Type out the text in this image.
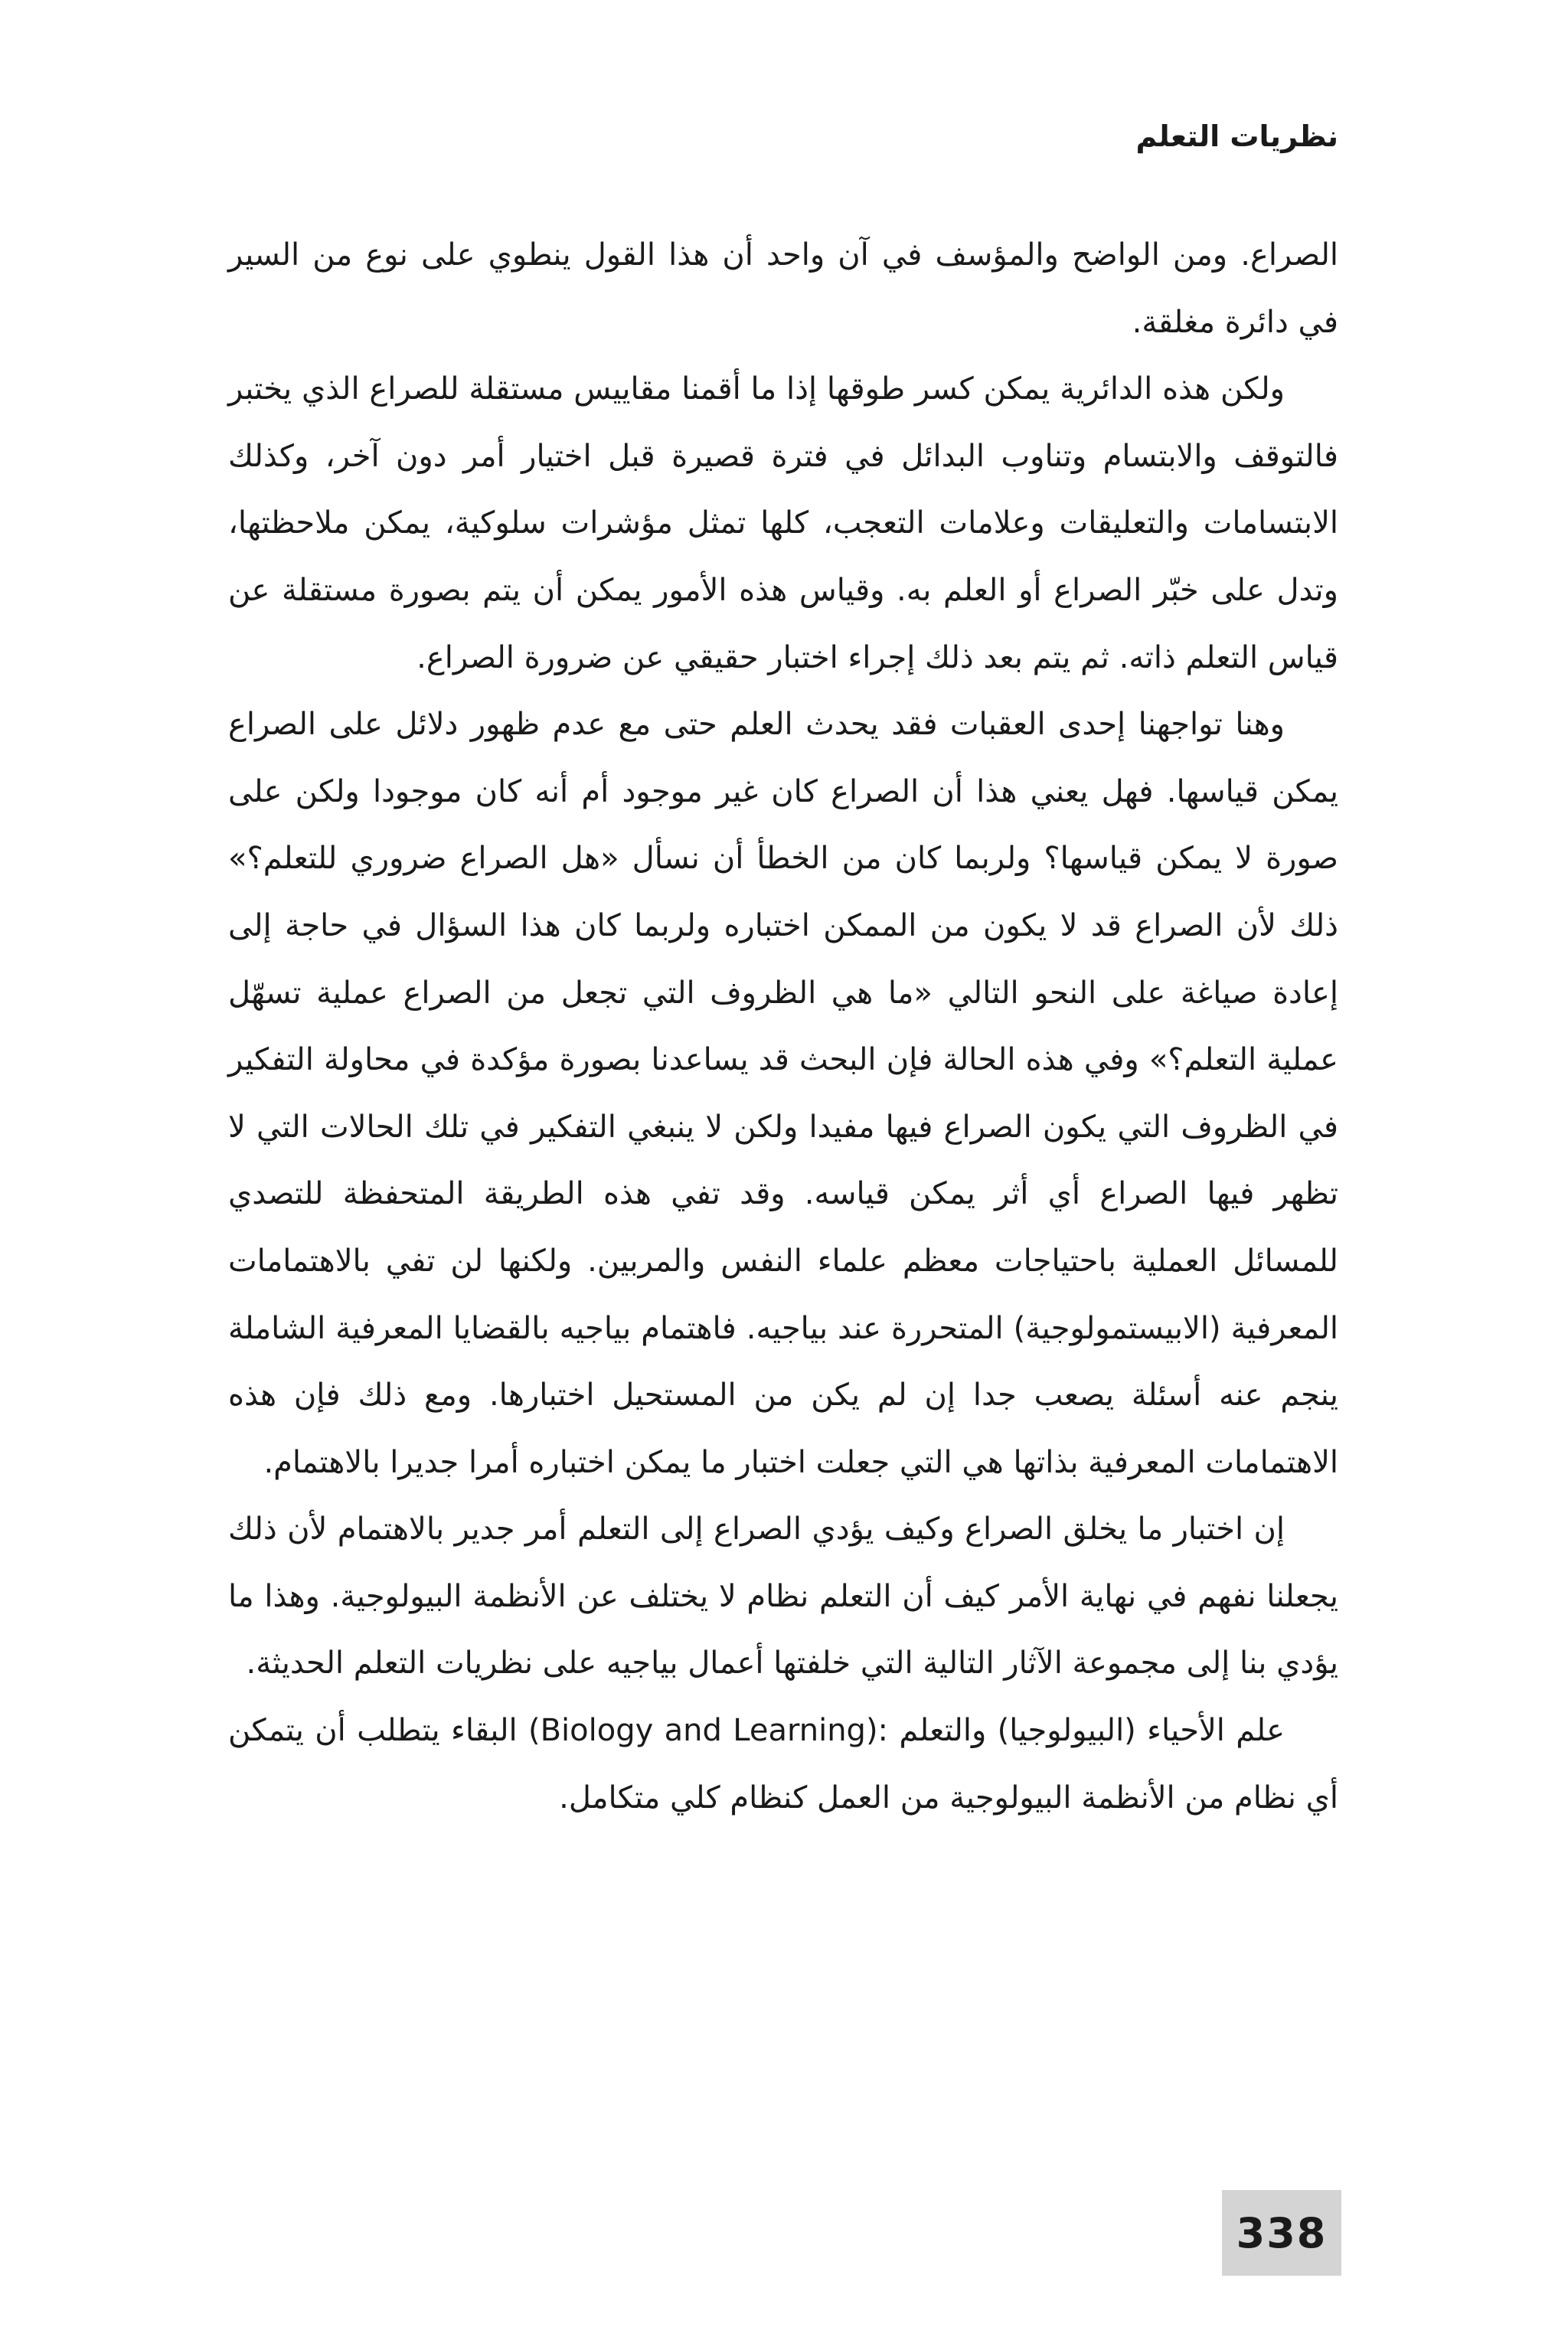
نظريات التعلم

الصراع. ومن الواضح والمؤسف في آن واحد أن هذا القول ينطوي على نوع من السير في دائرة مغلقة.

ولكن هذه الدائرية يمكن كسر طوقها إذا ما أقمنا مقاييس مستقلة للصراع الذي يختبر فالتوقف والابتسام وتناوب البدائل في فترة قصيرة قبل اختيار أمر دون آخر، وكذلك الابتسامات والتعليقات وعلامات التعجب، كلها تمثل مؤشرات سلوكية، يمكن ملاحظتها، وتدل على خبّر الصراع أو العلم به. وقياس هذه الأمور يمكن أن يتم بصورة مستقلة عن قياس التعلم ذاته. ثم يتم بعد ذلك إجراء اختبار حقيقي عن ضرورة الصراع.

وهنا تواجهنا إحدى العقبات فقد يحدث العلم حتى مع عدم ظهور دلائل على الصراع يمكن قياسها. فهل يعني هذا أن الصراع كان غير موجود أم أنه كان موجودا ولكن على صورة لا يمكن قياسها؟ ولربما كان من الخطأ أن نسأل «هل الصراع ضروري للتعلم؟» ذلك لأن الصراع قد لا يكون من الممكن اختباره ولربما كان هذا السؤال في حاجة إلى إعادة صياغة على النحو التالي «ما هي الظروف التي تجعل من الصراع عملية تسهّل عملية التعلم؟» وفي هذه الحالة فإن البحث قد يساعدنا بصورة مؤكدة في محاولة التفكير في الظروف التي يكون الصراع فيها مفيدا ولكن لا ينبغي التفكير في تلك الحالات التي لا تظهر فيها الصراع أي أثر يمكن قياسه. وقد تفي هذه الطريقة المتحفظة للتصدي للمسائل العملية باحتياجات معظم علماء النفس والمربين. ولكنها لن تفي بالاهتمامات المعرفية (الابيستمولوجية) المتحررة عند بياجيه. فاهتمام بياجيه بالقضايا المعرفية الشاملة ينجم عنه أسئلة يصعب جدا إن لم يكن من المستحيل اختبارها. ومع ذلك فإن هذه الاهتمامات المعرفية بذاتها هي التي جعلت اختبار ما يمكن اختباره أمرا جديرا بالاهتمام.

إن اختبار ما يخلق الصراع وكيف يؤدي الصراع إلى التعلم أمر جدير بالاهتمام لأن ذلك يجعلنا نفهم في نهاية الأمر كيف أن التعلم نظام لا يختلف عن الأنظمة البيولوجية. وهذا ما يؤدي بنا إلى مجموعة الآثار التالية التي خلفتها أعمال بياجيه على نظريات التعلم الحديثة.

علم الأحياء (البيولوجيا) والتعلم :(Biology and Learning) البقاء يتطلب أن يتمكن أي نظام من الأنظمة البيولوجية من العمل كنظام كلي متكامل.

338
